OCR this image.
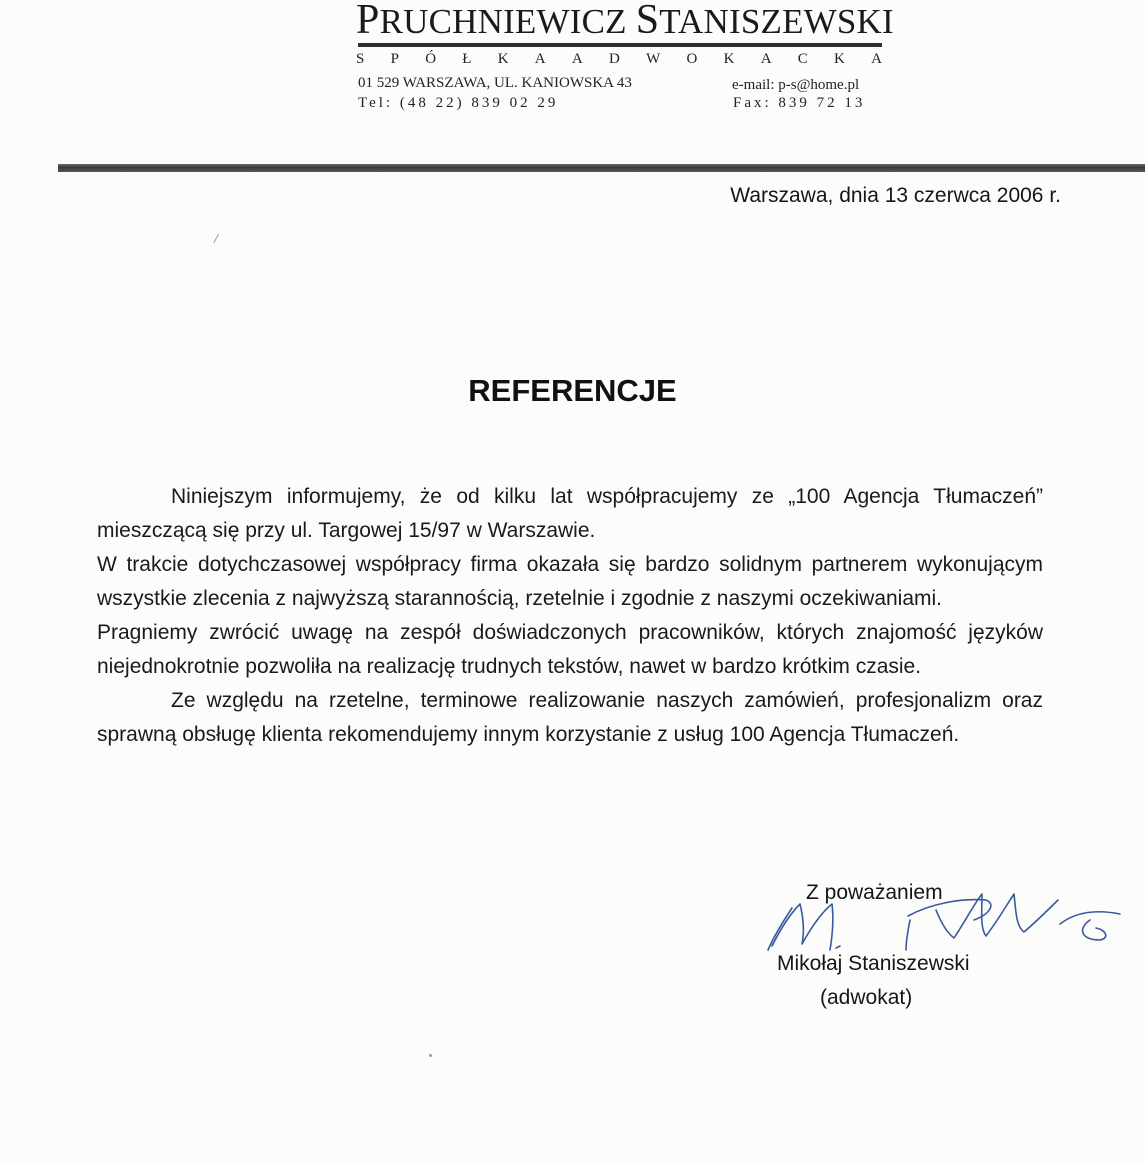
PRUCHNIEWICZ STANISZEWSKI
S P Ó Ł K A A D W O K A C K A
01 529 WARSZAWA, UL. KANIOWSKA 43	e-mail: p-s@home.pl
Tel: (48 22) 839 02 29	Fax: 839 72 13
Warszawa, dnia 13 czerwca 2006 r.
/
REFERENCJE

Niniejszym informujemy, że od kilku lat współpracujemy ze „100 Agencja Tłumaczeń” mieszczącą się przy ul. Targowej 15/97 w Warszawie.

W trakcie dotychczasowej współpracy firma okazała się bardzo solidnym partnerem wykonującym wszystkie zlecenia z najwyższą starannością, rzetelnie i zgodnie z naszymi oczekiwaniami.

Pragniemy zwrócić uwagę na zespół doświadczonych pracowników, których znajomość języków niejednokrotnie pozwoliła na realizację trudnych tekstów, nawet w bardzo krótkim czasie.

Ze względu na rzetelne, terminowe realizowanie naszych zamówień, profesjonalizm oraz sprawną obsługę klienta rekomendujemy innym korzystanie z usług 100 Agencja Tłumaczeń.

Z poważaniem
Mikołaj Staniszewski
(adwokat)
